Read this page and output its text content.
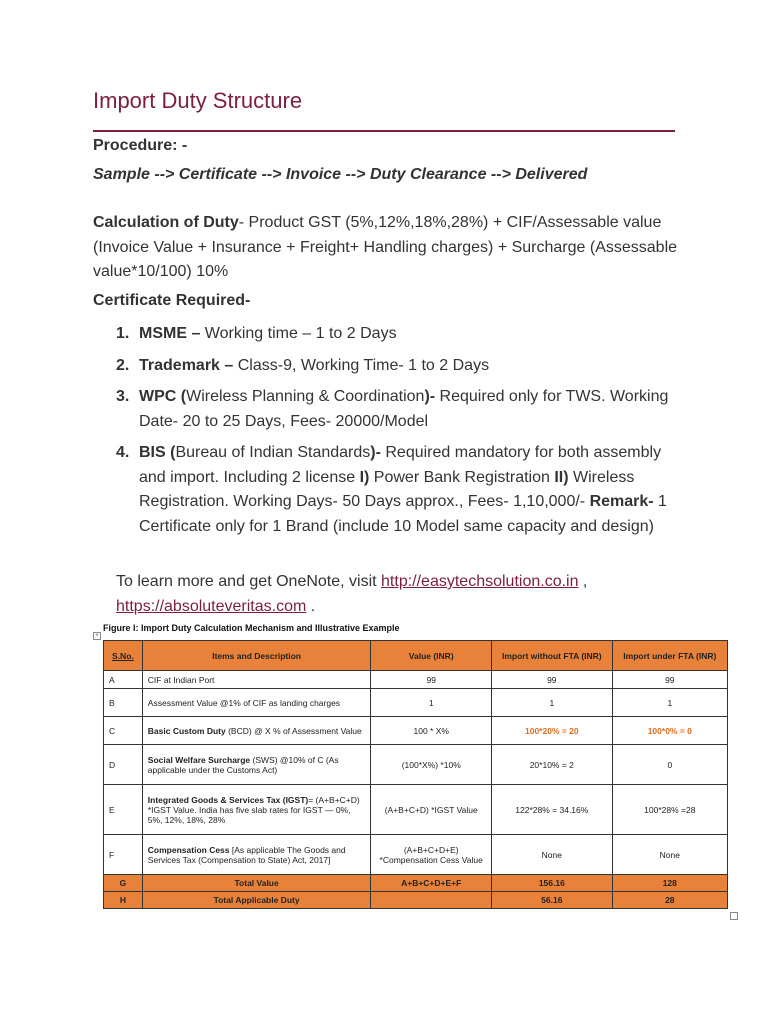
Import Duty Structure
Procedure: -
Sample --> Certificate --> Invoice --> Duty Clearance --> Delivered
Calculation of Duty- Product GST (5%,12%,18%,28%) + CIF/Assessable value (Invoice Value + Insurance + Freight+ Handling charges) + Surcharge (Assessable value*10/100) 10%
Certificate Required-
1. MSME – Working time – 1 to 2 Days
2. Trademark – Class-9, Working Time- 1 to 2 Days
3. WPC (Wireless Planning & Coordination)- Required only for TWS. Working Date- 20 to 25 Days, Fees- 20000/Model
4. BIS (Bureau of Indian Standards)- Required mandatory for both assembly and import. Including 2 license I) Power Bank Registration II) Wireless Registration. Working Days- 50 Days approx., Fees- 1,10,000/- Remark- 1 Certificate only for 1 Brand (include 10 Model same capacity and design)
To learn more and get OneNote, visit http://easytechsolution.co.in ,
https://absoluteveritas.com .
Figure I: Import Duty Calculation Mechanism and Illustrative Example
+
S.No.	Items and Description	Value (INR)	Import without FTA (INR)	Import under FTA (INR)
A	CIF at Indian Port	99	99	99
B	Assessment Value @1% of CIF as landing charges	1	1	1
C	Basic Custom Duty (BCD) @ X % of Assessment Value	100 * X%	100*20% = 20	100*0% = 0
D	Social Welfare Surcharge (SWS) @10% of C (As applicable under the Customs Act)	(100*X%) *10%	20*10% = 2	0
E	Integrated Goods & Services Tax (IGST)= (A+B+C+D) *IGST Value. India has five slab rates for IGST — 0%, 5%, 12%, 18%, 28%	(A+B+C+D) *IGST Value	122*28% = 34.16%	100*28% =28
F	Compensation Cess [As applicable The Goods and Services Tax (Compensation to State) Act, 2017]	(A+B+C+D+E) *Compensation Cess Value	None	None
G	Total Value	A+B+C+D+E+F	156.16	128
H	Total Applicable Duty		56.16	28
